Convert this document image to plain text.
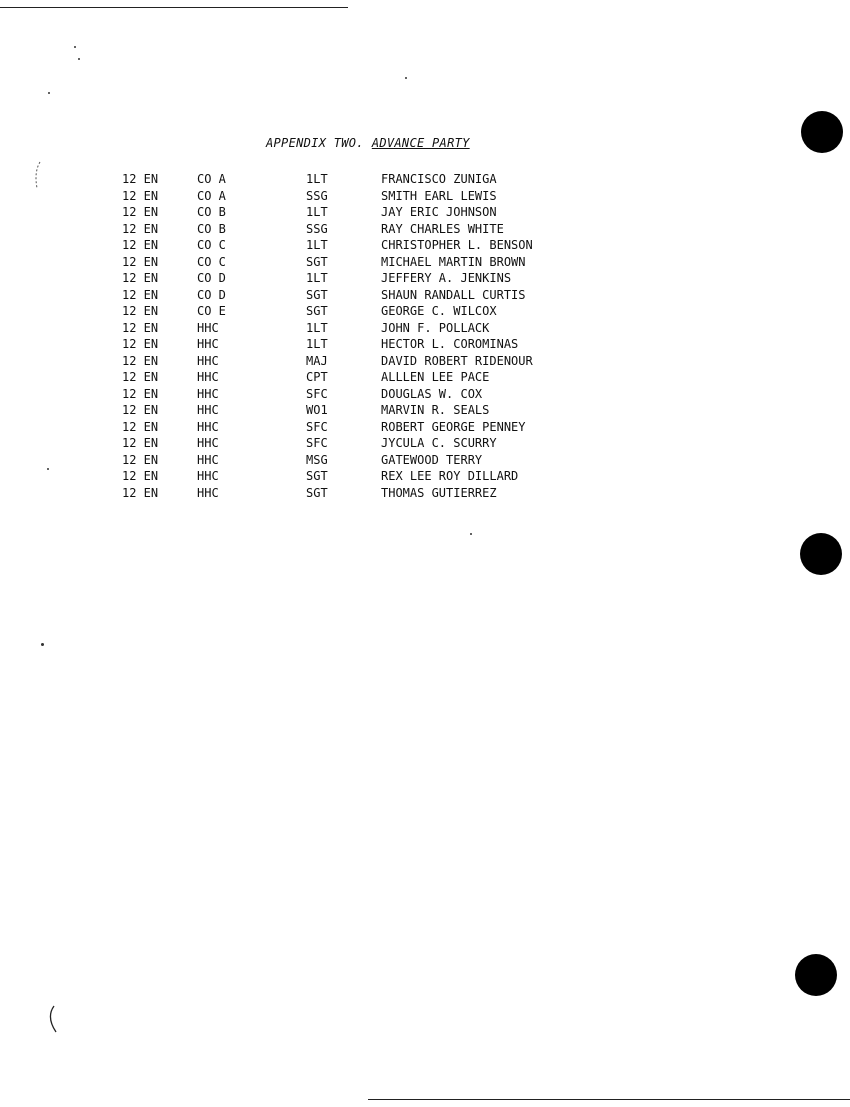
APPENDIX TWO. ADVANCE PARTY
12 EN	CO A	1LT	FRANCISCO ZUNIGA
12 EN	CO A	SSG	SMITH EARL LEWIS
12 EN	CO B	1LT	JAY ERIC JOHNSON
12 EN	CO B	SSG	RAY CHARLES WHITE
12 EN	CO C	1LT	CHRISTOPHER L. BENSON
12 EN	CO C	SGT	MICHAEL MARTIN BROWN
12 EN	CO D	1LT	JEFFERY A. JENKINS
12 EN	CO D	SGT	SHAUN RANDALL CURTIS
12 EN	CO E	SGT	GEORGE C. WILCOX
12 EN	HHC	1LT	JOHN F. POLLACK
12 EN	HHC	1LT	HECTOR L. COROMINAS
12 EN	HHC	MAJ	DAVID ROBERT RIDENOUR
12 EN	HHC	CPT	ALLLEN LEE PACE
12 EN	HHC	SFC	DOUGLAS W. COX
12 EN	HHC	WO1	MARVIN R. SEALS
12 EN	HHC	SFC	ROBERT GEORGE PENNEY
12 EN	HHC	SFC	JYCULA C. SCURRY
12 EN	HHC	MSG	GATEWOOD TERRY
12 EN	HHC	SGT	REX LEE ROY DILLARD
12 EN	HHC	SGT	THOMAS GUTIERREZ
